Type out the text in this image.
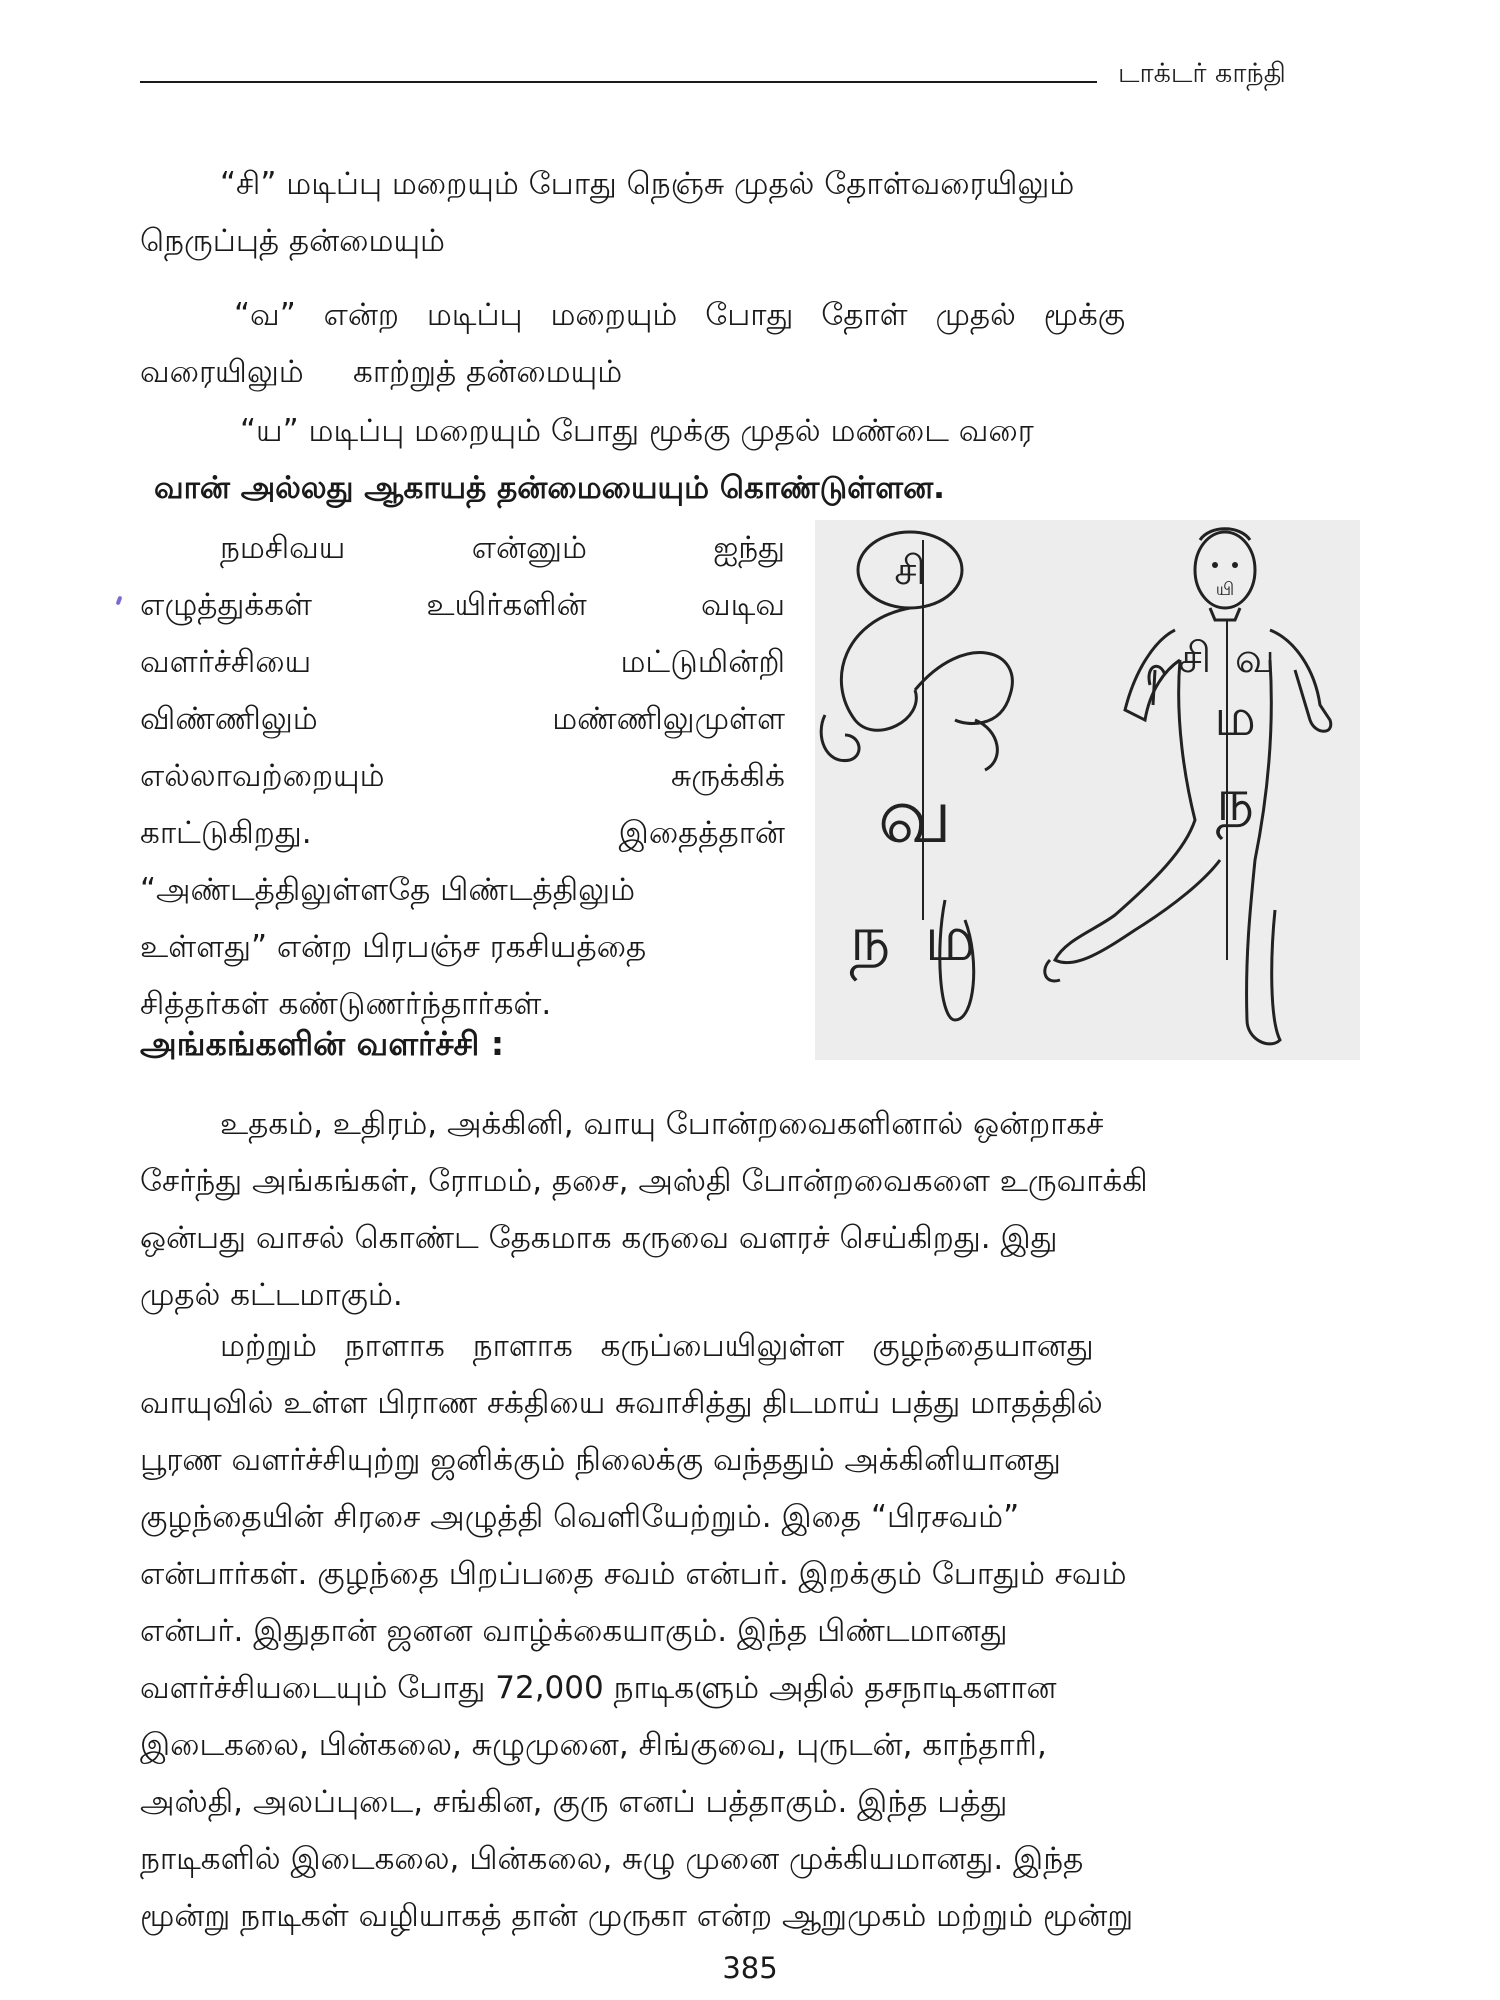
டாக்டர் காந்தி
“சி” மடிப்பு மறையும் போது நெஞ்சு முதல் தோள்வரையிலும்
நெருப்புத் தன்மையும்
“வ” என்ற மடிப்பு மறையும் போது தோள் முதல் மூக்கு
வரையிலும்     காற்றுத் தன்மையும்
“ய” மடிப்பு மறையும் போது மூக்கு முதல் மண்டை வரை
வான் அல்லது ஆகாயத் தன்மையையும் கொண்டுள்ளன.
நமசிவய	என்னும்	ஐந்து
எழுத்துக்கள்	உயிர்களின்	வடிவ
வளர்ச்சியை	மட்டுமின்றி
விண்ணிலும்	மண்ணிலுமுள்ள
எல்லாவற்றையும்	சுருக்கிக்
காட்டுகிறது.	இதைத்தான்
“அண்டத்திலுள்ளதே பிண்டத்திலும்
உள்ளது” என்ற பிரபஞ்ச ரகசியத்தை
சித்தர்கள் கண்டுணர்ந்தார்கள்.
சி
வ
ந ம
யி
சி வ
ம
ந
அங்கங்களின் வளர்ச்சி :
உதகம், உதிரம், அக்கினி, வாயு போன்றவைகளினால் ஒன்றாகச்
சேர்ந்து அங்கங்கள், ரோமம், தசை, அஸ்தி போன்றவைகளை உருவாக்கி
ஒன்பது வாசல் கொண்ட தேகமாக கருவை வளரச் செய்கிறது. இது
முதல் கட்டமாகும்.
மற்றும் நாளாக நாளாக கருப்பையிலுள்ள குழந்தையானது
வாயுவில் உள்ள பிராண சக்தியை சுவாசித்து திடமாய் பத்து மாதத்தில்
பூரண வளர்ச்சியுற்று ஜனிக்கும் நிலைக்கு வந்ததும் அக்கினியானது
குழந்தையின் சிரசை அழுத்தி வெளியேற்றும். இதை “பிரசவம்”
என்பார்கள். குழந்தை பிறப்பதை சவம் என்பர். இறக்கும் போதும் சவம்
என்பர். இதுதான் ஜனன வாழ்க்கையாகும். இந்த பிண்டமானது
வளர்ச்சியடையும் போது 72,000 நாடிகளும் அதில் தசநாடிகளான
இடைகலை, பின்கலை, சுழுமுனை, சிங்குவை, புருடன், காந்தாரி,
அஸ்தி, அலப்புடை, சங்கின, குரு எனப் பத்தாகும். இந்த பத்து
நாடிகளில் இடைகலை, பின்கலை, சுழு முனை முக்கியமானது. இந்த
மூன்று நாடிகள் வழியாகத் தான் முருகா என்ற ஆறுமுகம் மற்றும் மூன்று
385
